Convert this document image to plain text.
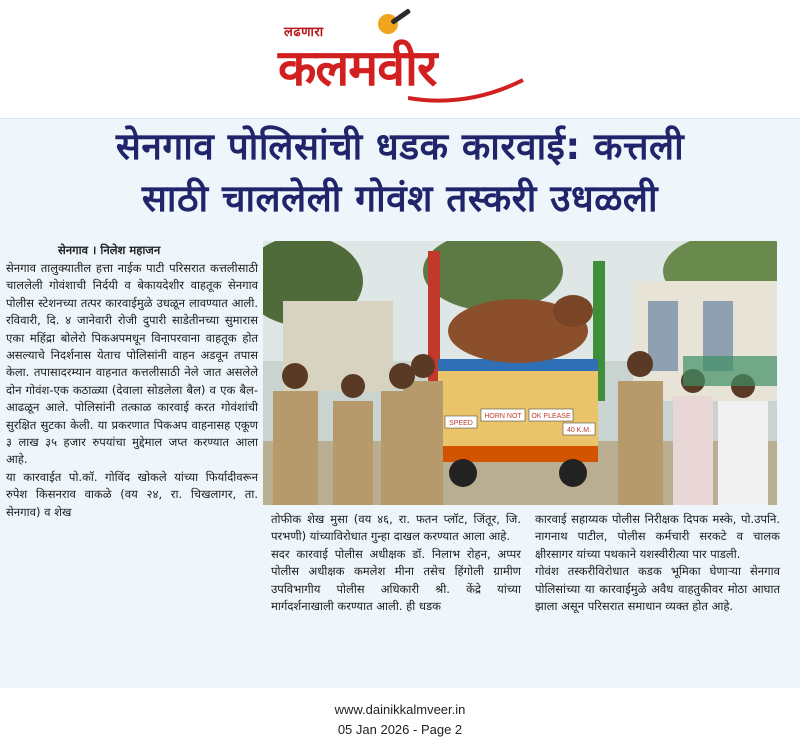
लढणारा
कलमवीर
सेनगाव पोलिसांची धडक कारवाई: कत्तली
साठी चाललेली गोवंश तस्करी उधळली
सेनगाव । निलेश महाजन

सेनगाव तालुक्यातील हत्ता नाईक पाटी परिसरात कत्तलीसाठी चाललेली गोवंशाची निर्दयी व बेकायदेशीर वाहतूक सेनगाव पोलीस स्टेशनच्या तत्पर कारवाईमुळे उधळून लावण्यात आली. रविवारी, दि. ४ जानेवारी रोजी दुपारी साडेतीनच्या सुमारास एका महिंद्रा बोलेरो पिकअपमधून विनापरवाना वाहतूक होत असल्याचे निदर्शनास येताच पोलिसांनी वाहन अडवून तपास केला. तपासादरम्यान वाहनात कत्तलीसाठी नेले जात असलेले दोन गोवंश-एक कठाळ्या (देवाला सोडलेला बैल) व एक बैल-आढळून आले. पोलिसांनी तत्काळ कारवाई करत गोवंशांची सुरक्षित सुटका केली. या प्रकरणात पिकअप वाहनासह एकूण ३ लाख ३५ हजार रुपयांचा मुद्देमाल जप्त करण्यात आला आहे.

या कारवाईत पो.कॉ. गोविंद खोकले यांच्या फिर्यादीवरून रुपेश किसनराव वाकळे (वय २४, रा. चिखलागर, ता. सेनगाव) व शेख

SPEED
HORN NOT OK PLEASE
40 K.M.

तोफीक शेख मुसा (वय ४६, रा. फतन प्लॉट, जिंतूर, जि. परभणी) यांच्याविरोधात गुन्हा दाखल करण्यात आला आहे.

सदर कारवाई पोलीस अधीक्षक डॉ. निलाभ रोहन, अप्पर पोलीस अधीक्षक कमलेश मीना तसेच हिंगोली ग्रामीण उपविभागीय पोलीस अधिकारी श्री. केंद्रे यांच्या मार्गदर्शनाखाली करण्यात आली. ही धडक

कारवाई सहाय्यक पोलीस निरीक्षक दिपक मस्के, पो.उपनि. नागनाथ पाटील, पोलीस कर्मचारी सरकटे व चालक क्षीरसागर यांच्या पथकाने यशस्वीरीत्या पार पाडली.

गोवंश तस्करीविरोधात कडक भूमिका घेणाऱ्या सेनगाव पोलिसांच्या या कारवाईमुळे अवैध वाहतुकीवर मोठा आघात झाला असून परिसरात समाधान व्यक्त होत आहे.

www.dainikkalmveer.in
05 Jan 2026 - Page 2
